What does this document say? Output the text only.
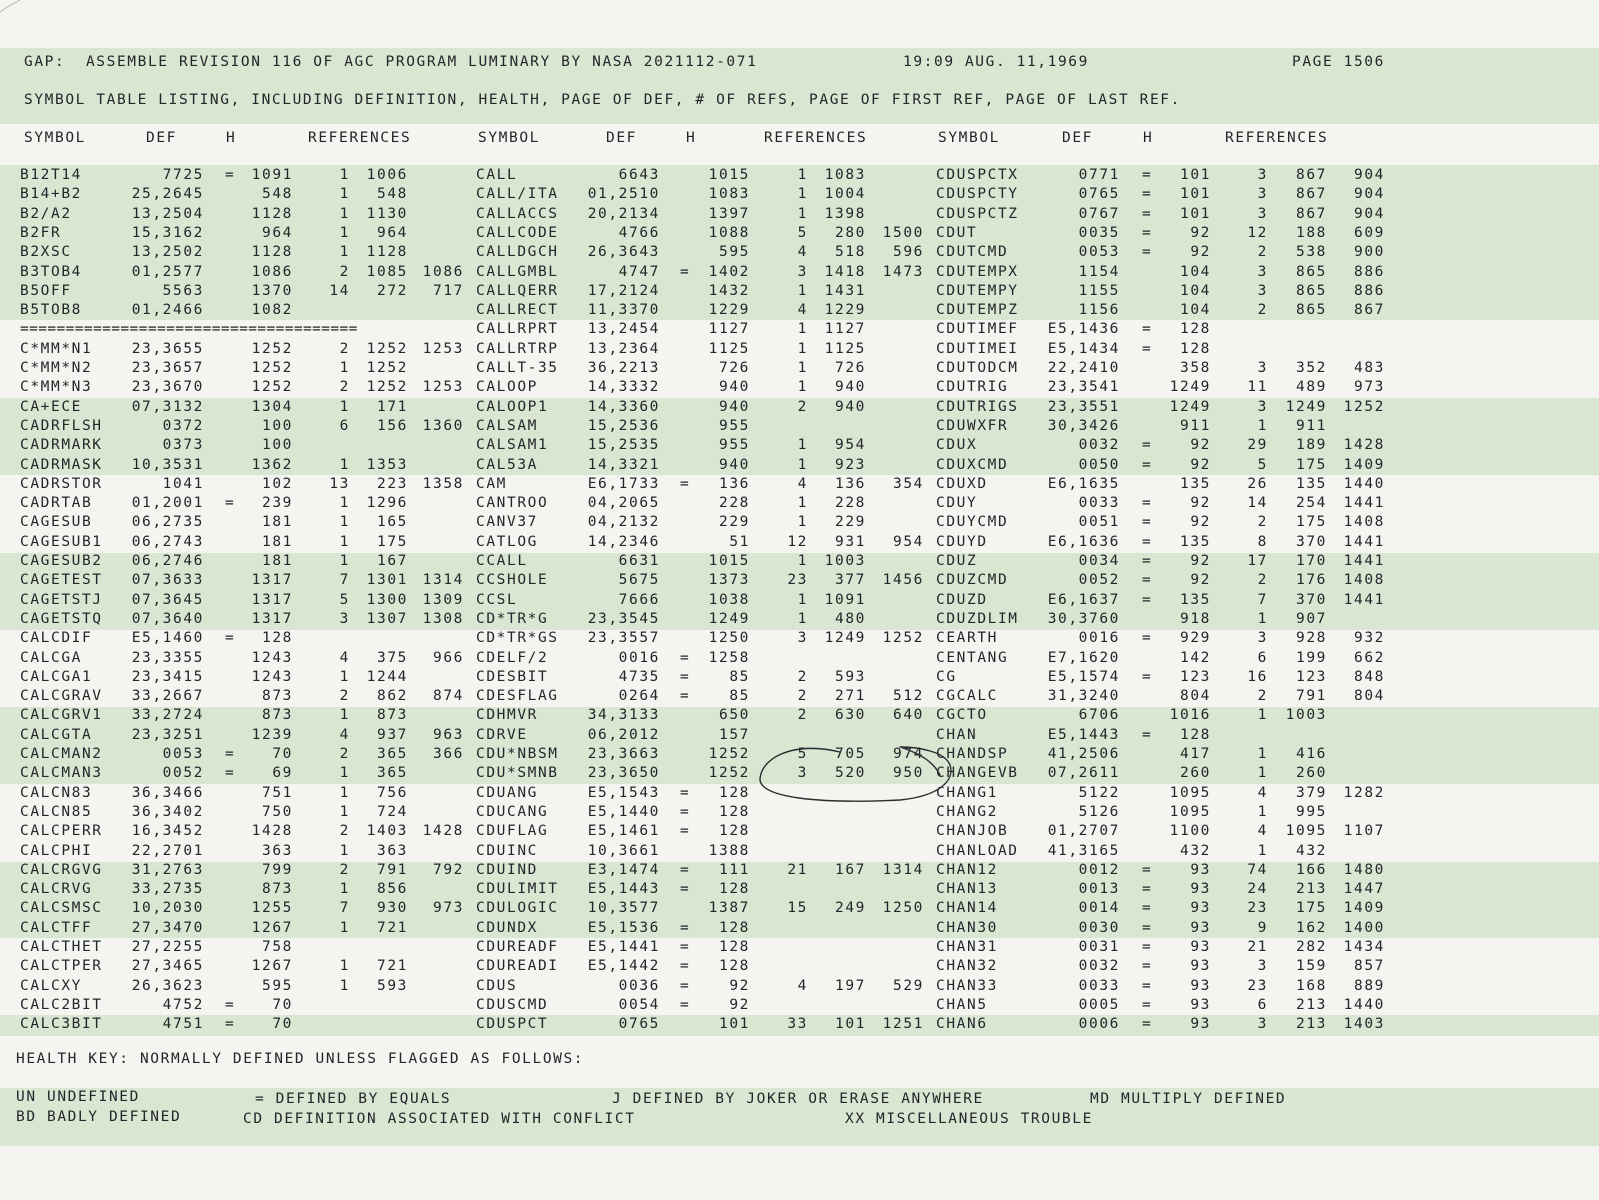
GAP:  ASSEMBLE REVISION 116 OF AGC PROGRAM LUMINARY BY NASA 2021112-071	19:09 AUG. 11,1969	PAGE 1506
SYMBOL TABLE LISTING, INCLUDING DEFINITION, HEALTH, PAGE OF DEF, # OF REFS, PAGE OF FIRST REF, PAGE OF LAST REF.
SYMBOL	DEF	H	REFERENCES	SYMBOL	DEF	H	REFERENCES	SYMBOL	DEF	H	REFERENCES
B12T14	7725 =	1091	1	1006
B14+B2	25,2645	548	1	548
B2/A2	13,2504	1128	1	1130
B2FR	15,3162	964	1	964
B2XSC	13,2502	1128	1	1128
B3TOB4	01,2577	1086	2	1085	1086
B5OFF	5563	1370	14	272	717
B5TOB8	01,2466	1082
=====================================
C*MM*N1	23,3655	1252	2	1252	1253
C*MM*N2	23,3657	1252	1	1252
C*MM*N3	23,3670	1252	2	1252	1253
CA+ECE	07,3132	1304	1	171
CADRFLSH	0372	100	6	156	1360
CADRMARK	0373	100
CADRMASK	10,3531	1362	1	1353
CADRSTOR	1041	102	13	223	1358
CADRTAB	01,2001 =	239	1	1296
CAGESUB	06,2735	181	1	165
CAGESUB1	06,2743	181	1	175
CAGESUB2	06,2746	181	1	167
CAGETEST	07,3633	1317	7	1301	1314
CAGETSTJ	07,3645	1317	5	1300	1309
CAGETSTQ	07,3640	1317	3	1307	1308
CALCDIF	E5,1460 =	128
CALCGA	23,3355	1243	4	375	966
CALCGA1	23,3415	1243	1	1244
CALCGRAV	33,2667	873	2	862	874
CALCGRV1	33,2724	873	1	873
CALCGTA	23,3251	1239	4	937	963
CALCMAN2	0053 =	70	2	365	366
CALCMAN3	0052 =	69	1	365
CALCN83	36,3466	751	1	756
CALCN85	36,3402	750	1	724
CALCPERR	16,3452	1428	2	1403	1428
CALCPHI	22,2701	363	1	363
CALCRGVG	31,2763	799	2	791	792
CALCRVG	33,2735	873	1	856
CALCSMSC	10,2030	1255	7	930	973
CALCTFF	27,3470	1267	1	721
CALCTHET	27,2255	758
CALCTPER	27,3465	1267	1	721
CALCXY	26,3623	595	1	593
CALC2BIT	4752 =	70
CALC3BIT	4751 =	70
CALL	6643	1015	1	1083
CALL/ITA	01,2510	1083	1	1004
CALLACCS	20,2134	1397	1	1398
CALLCODE	4766	1088	5	280	1500
CALLDGCH	26,3643	595	4	518	596
CALLGMBL	4747 =	1402	3	1418	1473
CALLQERR	17,2124	1432	1	1431
CALLRECT	11,3370	1229	4	1229
CALLRPRT	13,2454	1127	1	1127
CALLRTRP	13,2364	1125	1	1125
CALLT-35	36,2213	726	1	726
CALOOP	14,3332	940	1	940
CALOOP1	14,3360	940	2	940
CALSAM	15,2536	955
CALSAM1	15,2535	955	1	954
CAL53A	14,3321	940	1	923
CAM	E6,1733 =	136	4	136	354
CANTROO	04,2065	228	1	228
CANV37	04,2132	229	1	229
CATLOG	14,2346	51	12	931	954
CCALL	6631	1015	1	1003
CCSHOLE	5675	1373	23	377	1456
CCSL	7666	1038	1	1091
CD*TR*G	23,3545	1249	1	480
CD*TR*GS	23,3557	1250	3	1249	1252
CDELF/2	0016 =	1258
CDESBIT	4735 =	85	2	593
CDESFLAG	0264 =	85	2	271	512
CDHMVR	34,3133	650	2	630	640
CDRVE	06,2012	157
CDU*NBSM	23,3663	1252	5	705	974
CDU*SMNB	23,3650	1252	3	520	950
CDUANG	E5,1543 =	128
CDUCANG	E5,1440 =	128
CDUFLAG	E5,1461 =	128
CDUINC	10,3661	1388
CDUIND	E3,1474 =	111	21	167	1314
CDULIMIT	E5,1443 =	128
CDULOGIC	10,3577	1387	15	249	1250
CDUNDX	E5,1536 =	128
CDUREADF	E5,1441 =	128
CDUREADI	E5,1442 =	128
CDUS	0036 =	92	4	197	529
CDUSCMD	0054 =	92
CDUSPCT	0765	101	33	101	1251
CDUSPCTX	0771 =	101	3	867	904
CDUSPCTY	0765 =	101	3	867	904
CDUSPCTZ	0767 =	101	3	867	904
CDUT	0035 =	92	12	188	609
CDUTCMD	0053 =	92	2	538	900
CDUTEMPX	1154	104	3	865	886
CDUTEMPY	1155	104	3	865	886
CDUTEMPZ	1156	104	2	865	867
CDUTIMEF	E5,1436 =	128
CDUTIMEI	E5,1434 =	128
CDUTODCM	22,2410	358	3	352	483
CDUTRIG	23,3541	1249	11	489	973
CDUTRIGS	23,3551	1249	3	1249	1252
CDUWXFR	30,3426	911	1	911
CDUX	0032 =	92	29	189	1428
CDUXCMD	0050 =	92	5	175	1409
CDUXD	E6,1635	135	26	135	1440
CDUY	0033 =	92	14	254	1441
CDUYCMD	0051 =	92	2	175	1408
CDUYD	E6,1636 =	135	8	370	1441
CDUZ	0034 =	92	17	170	1441
CDUZCMD	0052 =	92	2	176	1408
CDUZD	E6,1637 =	135	7	370	1441
CDUZDLIM	30,3760	918	1	907
CEARTH	0016 =	929	3	928	932
CENTANG	E7,1620	142	6	199	662
CG	E5,1574 =	123	16	123	848
CGCALC	31,3240	804	2	791	804
CGCTO	6706	1016	1	1003
CHAN	E5,1443 =	128
CHANDSP	41,2506	417	1	416
CHANGEVB	07,2611	260	1	260
CHANG1	5122	1095	4	379	1282
CHANG2	5126	1095	1	995
CHANJOB	01,2707	1100	4	1095	1107
CHANLOAD	41,3165	432	1	432
CHAN12	0012 =	93	74	166	1480
CHAN13	0013 =	93	24	213	1447
CHAN14	0014 =	93	23	175	1409
CHAN30	0030 =	93	9	162	1400
CHAN31	0031 =	93	21	282	1434
CHAN32	0032 =	93	3	159	857
CHAN33	0033 =	93	23	168	889
CHAN5	0005 =	93	6	213	1440
CHAN6	0006 =	93	3	213	1403
HEALTH KEY: NORMALLY DEFINED UNLESS FLAGGED AS FOLLOWS:
UN UNDEFINED	= DEFINED BY EQUALS	J DEFINED BY JOKER OR ERASE ANYWHERE	MD MULTIPLY DEFINED
BD BADLY DEFINED	CD DEFINITION ASSOCIATED WITH CONFLICT	XX MISCELLANEOUS TROUBLE
